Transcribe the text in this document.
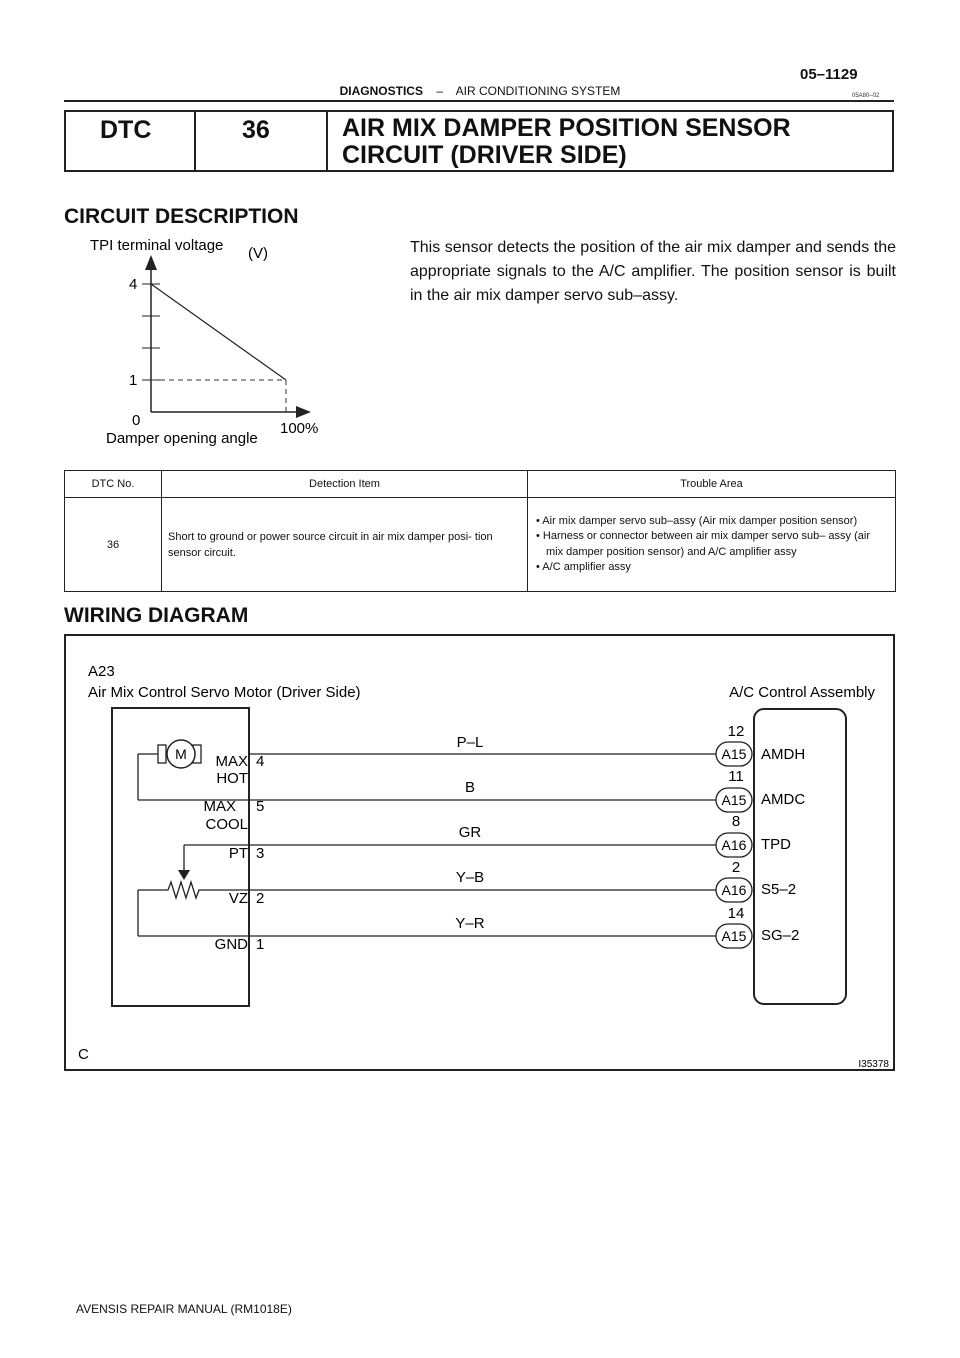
05–1129
DIAGNOSTICS – AIR CONDITIONING SYSTEM	05A80–02
DTC	36	AIR MIX DAMPER POSITION SENSOR
CIRCUIT (DRIVER SIDE)
CIRCUIT DESCRIPTION
This sensor detects the position of the air mix damper and sends the appropriate signals to the A/C amplifier. The position sensor is built in the air mix damper servo sub–assy.
TPI terminal voltage (V)
1
4
0	100%
Damper opening angle
DTC No.	Detection Item	Trouble Area
36	Short to ground or power source circuit in air mix damper posi- tion sensor circuit.	• Air mix damper servo sub–assy (Air mix damper position sensor)
• Harness or connector between air mix damper servo sub– assy (air mix damper position sensor) and A/C amplifier assy
• A/C amplifier assy
WIRING DIAGRAM
A23
Air Mix Control Servo Motor (Driver Side)	A/C Control Assembly
M MAX
HOT
4
MAX
COOL
5
PT 3
VZ 2
GND 1
P–L
B
GR
Y–B
Y–R
A15
A15
A16
A16
A15
12
11
8
2
14
AMDH
AMDC
TPD
S5–2
SG–2
C
I35378
AVENSIS REPAIR MANUAL (RM1018E)
